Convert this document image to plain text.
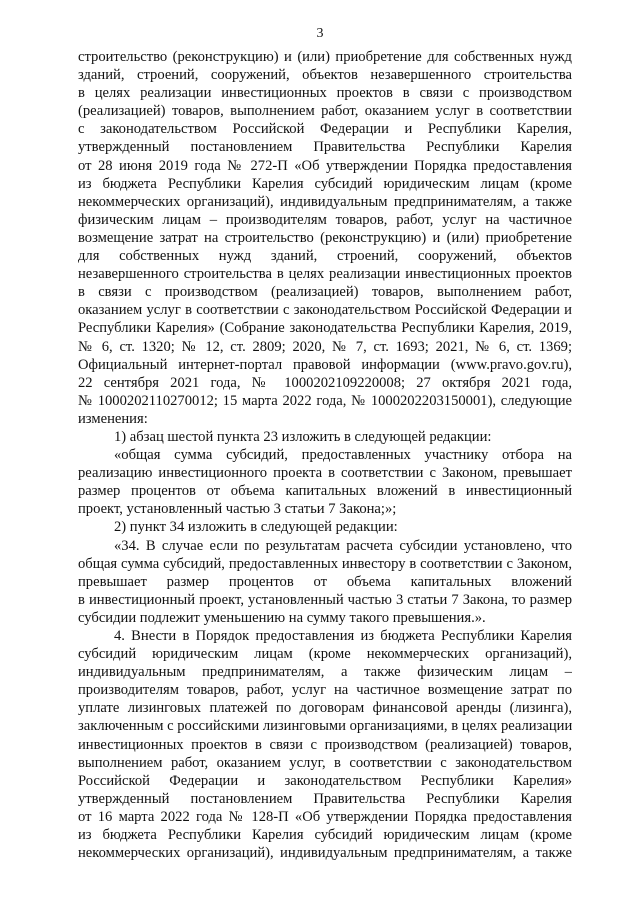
3
строительство (реконструкцию) и (или) приобретение для собственных нужд
зданий, строений, сооружений, объектов незавершенного строительства
в целях реализации инвестиционных проектов в связи с производством
(реализацией) товаров, выполнением работ, оказанием услуг в соответствии
с законодательством Российской Федерации и Республики Карелия,
утвержденный постановлением Правительства Республики Карелия
от 28 июня 2019 года № 272-П «Об утверждении Порядка предоставления
из бюджета Республики Карелия субсидий юридическим лицам (кроме
некоммерческих организаций), индивидуальным предпринимателям, а также
физическим лицам – производителям товаров, работ, услуг на частичное
возмещение затрат на строительство (реконструкцию) и (или) приобретение
для собственных нужд зданий, строений, сооружений, объектов
незавершенного строительства в целях реализации инвестиционных проектов
в связи с производством (реализацией) товаров, выполнением работ,
оказанием услуг в соответствии с законодательством Российской Федерации и
Республики Карелия» (Собрание законодательства Республики Карелия, 2019,
№ 6, ст. 1320; № 12, ст. 2809; 2020, № 7, ст. 1693; 2021, № 6, ст. 1369;
Официальный интернет-портал правовой информации (www.pravo.gov.ru),
22 сентября 2021 года, № 1000202109220008; 27 октября 2021 года,
№ 1000202110270012; 15 марта 2022 года, № 1000202203150001), следующие
изменения:
1) абзац шестой пункта 23 изложить в следующей редакции:
«общая сумма субсидий, предоставленных участнику отбора на
реализацию инвестиционного проекта в соответствии с Законом, превышает
размер процентов от объема капитальных вложений в инвестиционный
проект, установленный частью 3 статьи 7 Закона;»;
2) пункт 34 изложить в следующей редакции:
«34. В случае если по результатам расчета субсидии установлено, что
общая сумма субсидий, предоставленных инвестору в соответствии с Законом,
превышает размер процентов от объема капитальных вложений
в инвестиционный проект, установленный частью 3 статьи 7 Закона, то размер
субсидии подлежит уменьшению на сумму такого превышения.».
4. Внести в Порядок предоставления из бюджета Республики Карелия
субсидий юридическим лицам (кроме некоммерческих организаций),
индивидуальным предпринимателям, а также физическим лицам –
производителям товаров, работ, услуг на частичное возмещение затрат по
уплате лизинговых платежей по договорам финансовой аренды (лизинга),
заключенным с российскими лизинговыми организациями, в целях реализации
инвестиционных проектов в связи с производством (реализацией) товаров,
выполнением работ, оказанием услуг, в соответствии с законодательством
Российской Федерации и законодательством Республики Карелия»
утвержденный постановлением Правительства Республики Карелия
от 16 марта 2022 года № 128-П «Об утверждении Порядка предоставления
из бюджета Республики Карелия субсидий юридическим лицам (кроме
некоммерческих организаций), индивидуальным предпринимателям, а также
